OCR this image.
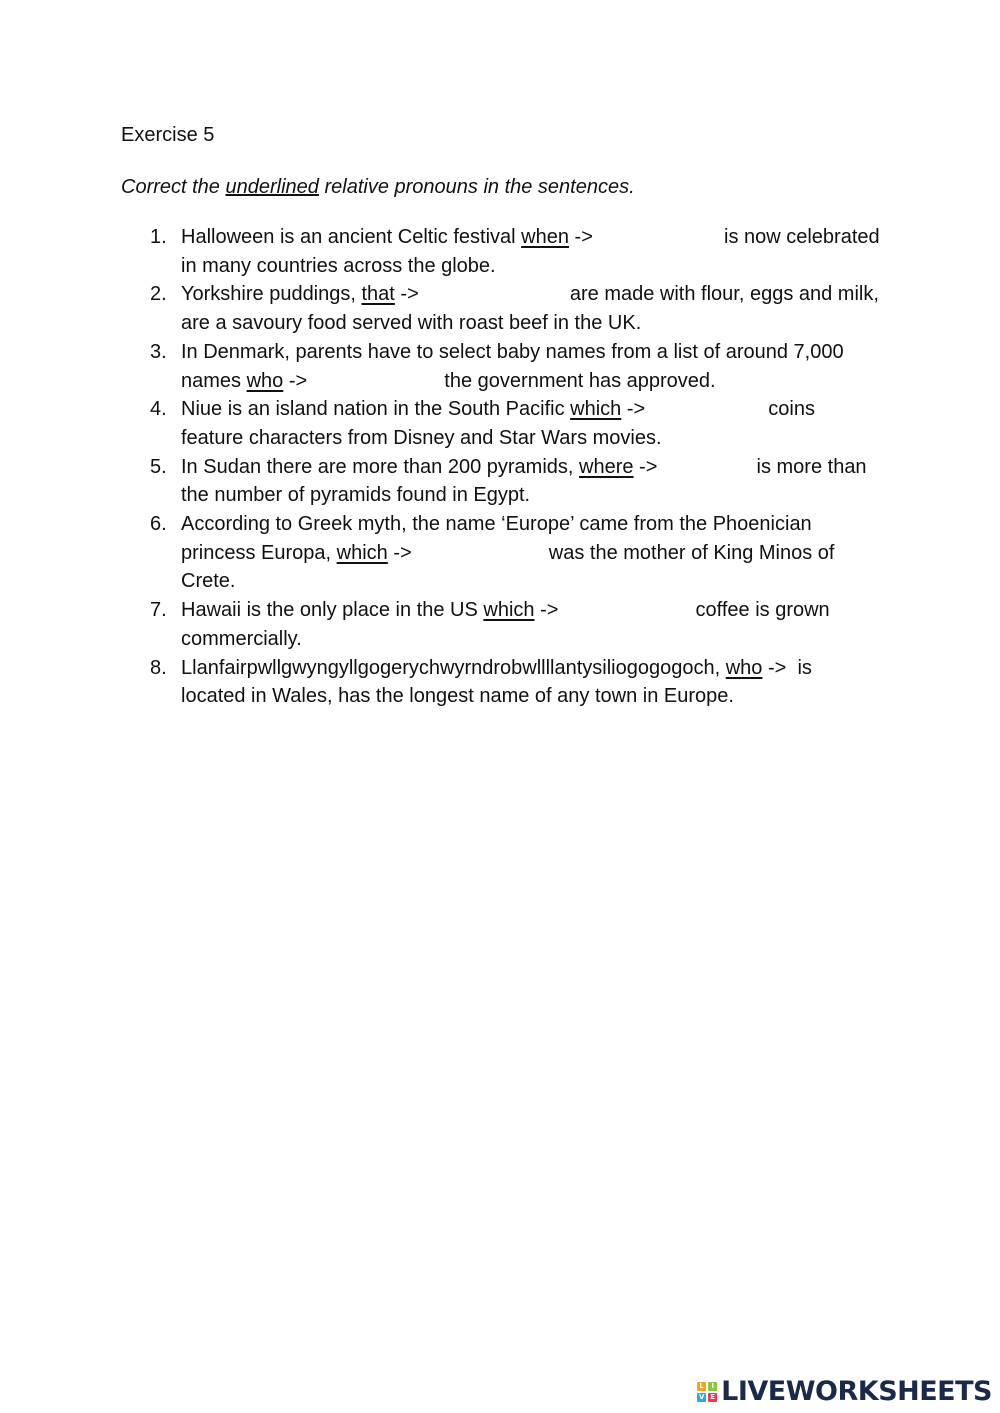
Exercise 5

Correct the underlined relative pronouns in the sentences.

1. Halloween is an ancient Celtic festival when ->	is now celebrated in many countries across the globe.
2. Yorkshire puddings, that ->	are made with flour, eggs and milk, are a savoury food served with roast beef in the UK.
3. In Denmark, parents have to select baby names from a list of around 7,000 names who ->	the government has approved.
4. Niue is an island nation in the South Pacific which ->	coins feature characters from Disney and Star Wars movies.
5. In Sudan there are more than 200 pyramids, where ->	is more than the number of pyramids found in Egypt.
6. According to Greek myth, the name ‘Europe’ came from the Phoenician princess Europa, which ->	was the mother of King Minos of Crete.
7. Hawaii is the only place in the US which ->	coffee is grown commercially.
8. Llanfairpwllgwyngyllgogerychwyrndrobwllllantysiliogogogoch, who ->  is located in Wales, has the longest name of any town in Europe.
L	I
V E LIVEWORKSHEETS
